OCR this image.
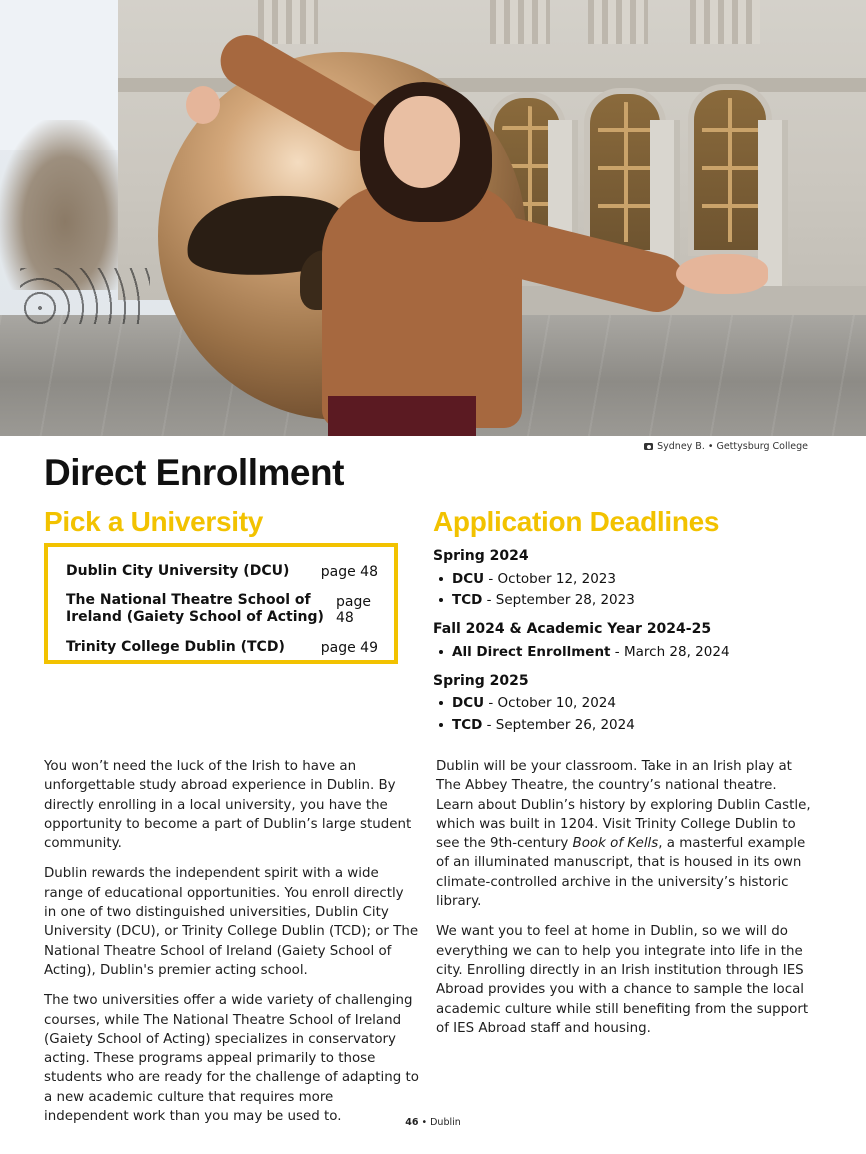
Sydney B. • Gettysburg College
Direct Enrollment
Pick a University
Dublin City University (DCU) page 48
The National Theatre School of Ireland (Gaiety School of Acting)
page 48
Trinity College Dublin (TCD)	page 49
Application Deadlines

Spring 2024

DCU - October 12, 2023
TCD - September 28, 2023

Fall 2024 & Academic Year 2024-25

All Direct Enrollment - March 28, 2024

Spring 2025

DCU - October 10, 2024
TCD - September 26, 2024

You won’t need the luck of the Irish to have an unforgettable study abroad experience in Dublin. By directly enrolling in a local university, you have the opportunity to become a part of Dublin’s large student community.

Dublin rewards the independent spirit with a wide range of educational opportunities. You enroll directly in one of two distinguished universities, Dublin City University (DCU), or Trinity College Dublin (TCD); or The National Theatre School of Ireland (Gaiety School of Acting), Dublin's premier acting school.

The two universities offer a wide variety of challenging courses, while The National Theatre School of Ireland (Gaiety School of Acting) specializes in conservatory acting. These programs appeal primarily to those students who are ready for the challenge of adapting to a new academic culture that requires more independent work than you may be used to.

Dublin will be your classroom. Take in an Irish play at The Abbey Theatre, the country’s national theatre. Learn about Dublin’s history by exploring Dublin Castle, which was built in 1204. Visit Trinity College Dublin to see the 9th-century Book of Kells, a masterful example of an illuminated manuscript, that is housed in its own climate-controlled archive in the university’s historic library.

We want you to feel at home in Dublin, so we will do everything we can to help you integrate into life in the city. Enrolling directly in an Irish institution through IES Abroad provides you with a chance to sample the local academic culture while still benefiting from the support of IES Abroad staff and housing.

46 • Dublin
